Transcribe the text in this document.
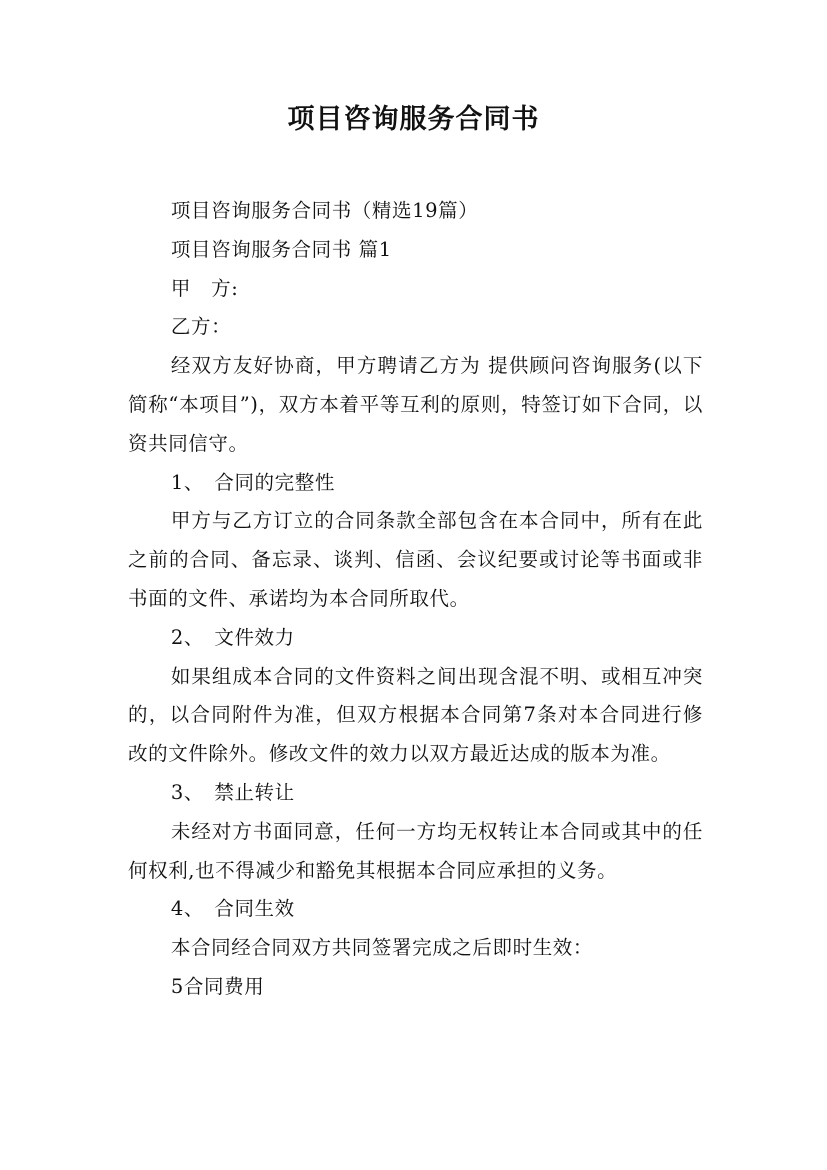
项目咨询服务合同书

项目咨询服务合同书（精选19篇）

项目咨询服务合同书 篇1

甲　方:

乙方：

经双方友好协商，甲方聘请乙方为 提供顾问咨询服务(以下简称“本项目”)，双方本着平等互利的原则，特签订如下合同，以资共同信守。

1、　合同的完整性

甲方与乙方订立的合同条款全部包含在本合同中，所有在此之前的合同、备忘录、谈判、信函、会议纪要或讨论等书面或非书面的文件、承诺均为本合同所取代。

2、　文件效力

如果组成本合同的文件资料之间出现含混不明、或相互冲突的，以合同附件为准，但双方根据本合同第7条对本合同进行修改的文件除外。修改文件的效力以双方最近达成的版本为准。

3、　禁止转让

未经对方书面同意，任何一方均无权转让本合同或其中的任何权利,也不得减少和豁免其根据本合同应承担的义务。

4、　合同生效

本合同经合同双方共同签署完成之后即时生效：

5合同费用
